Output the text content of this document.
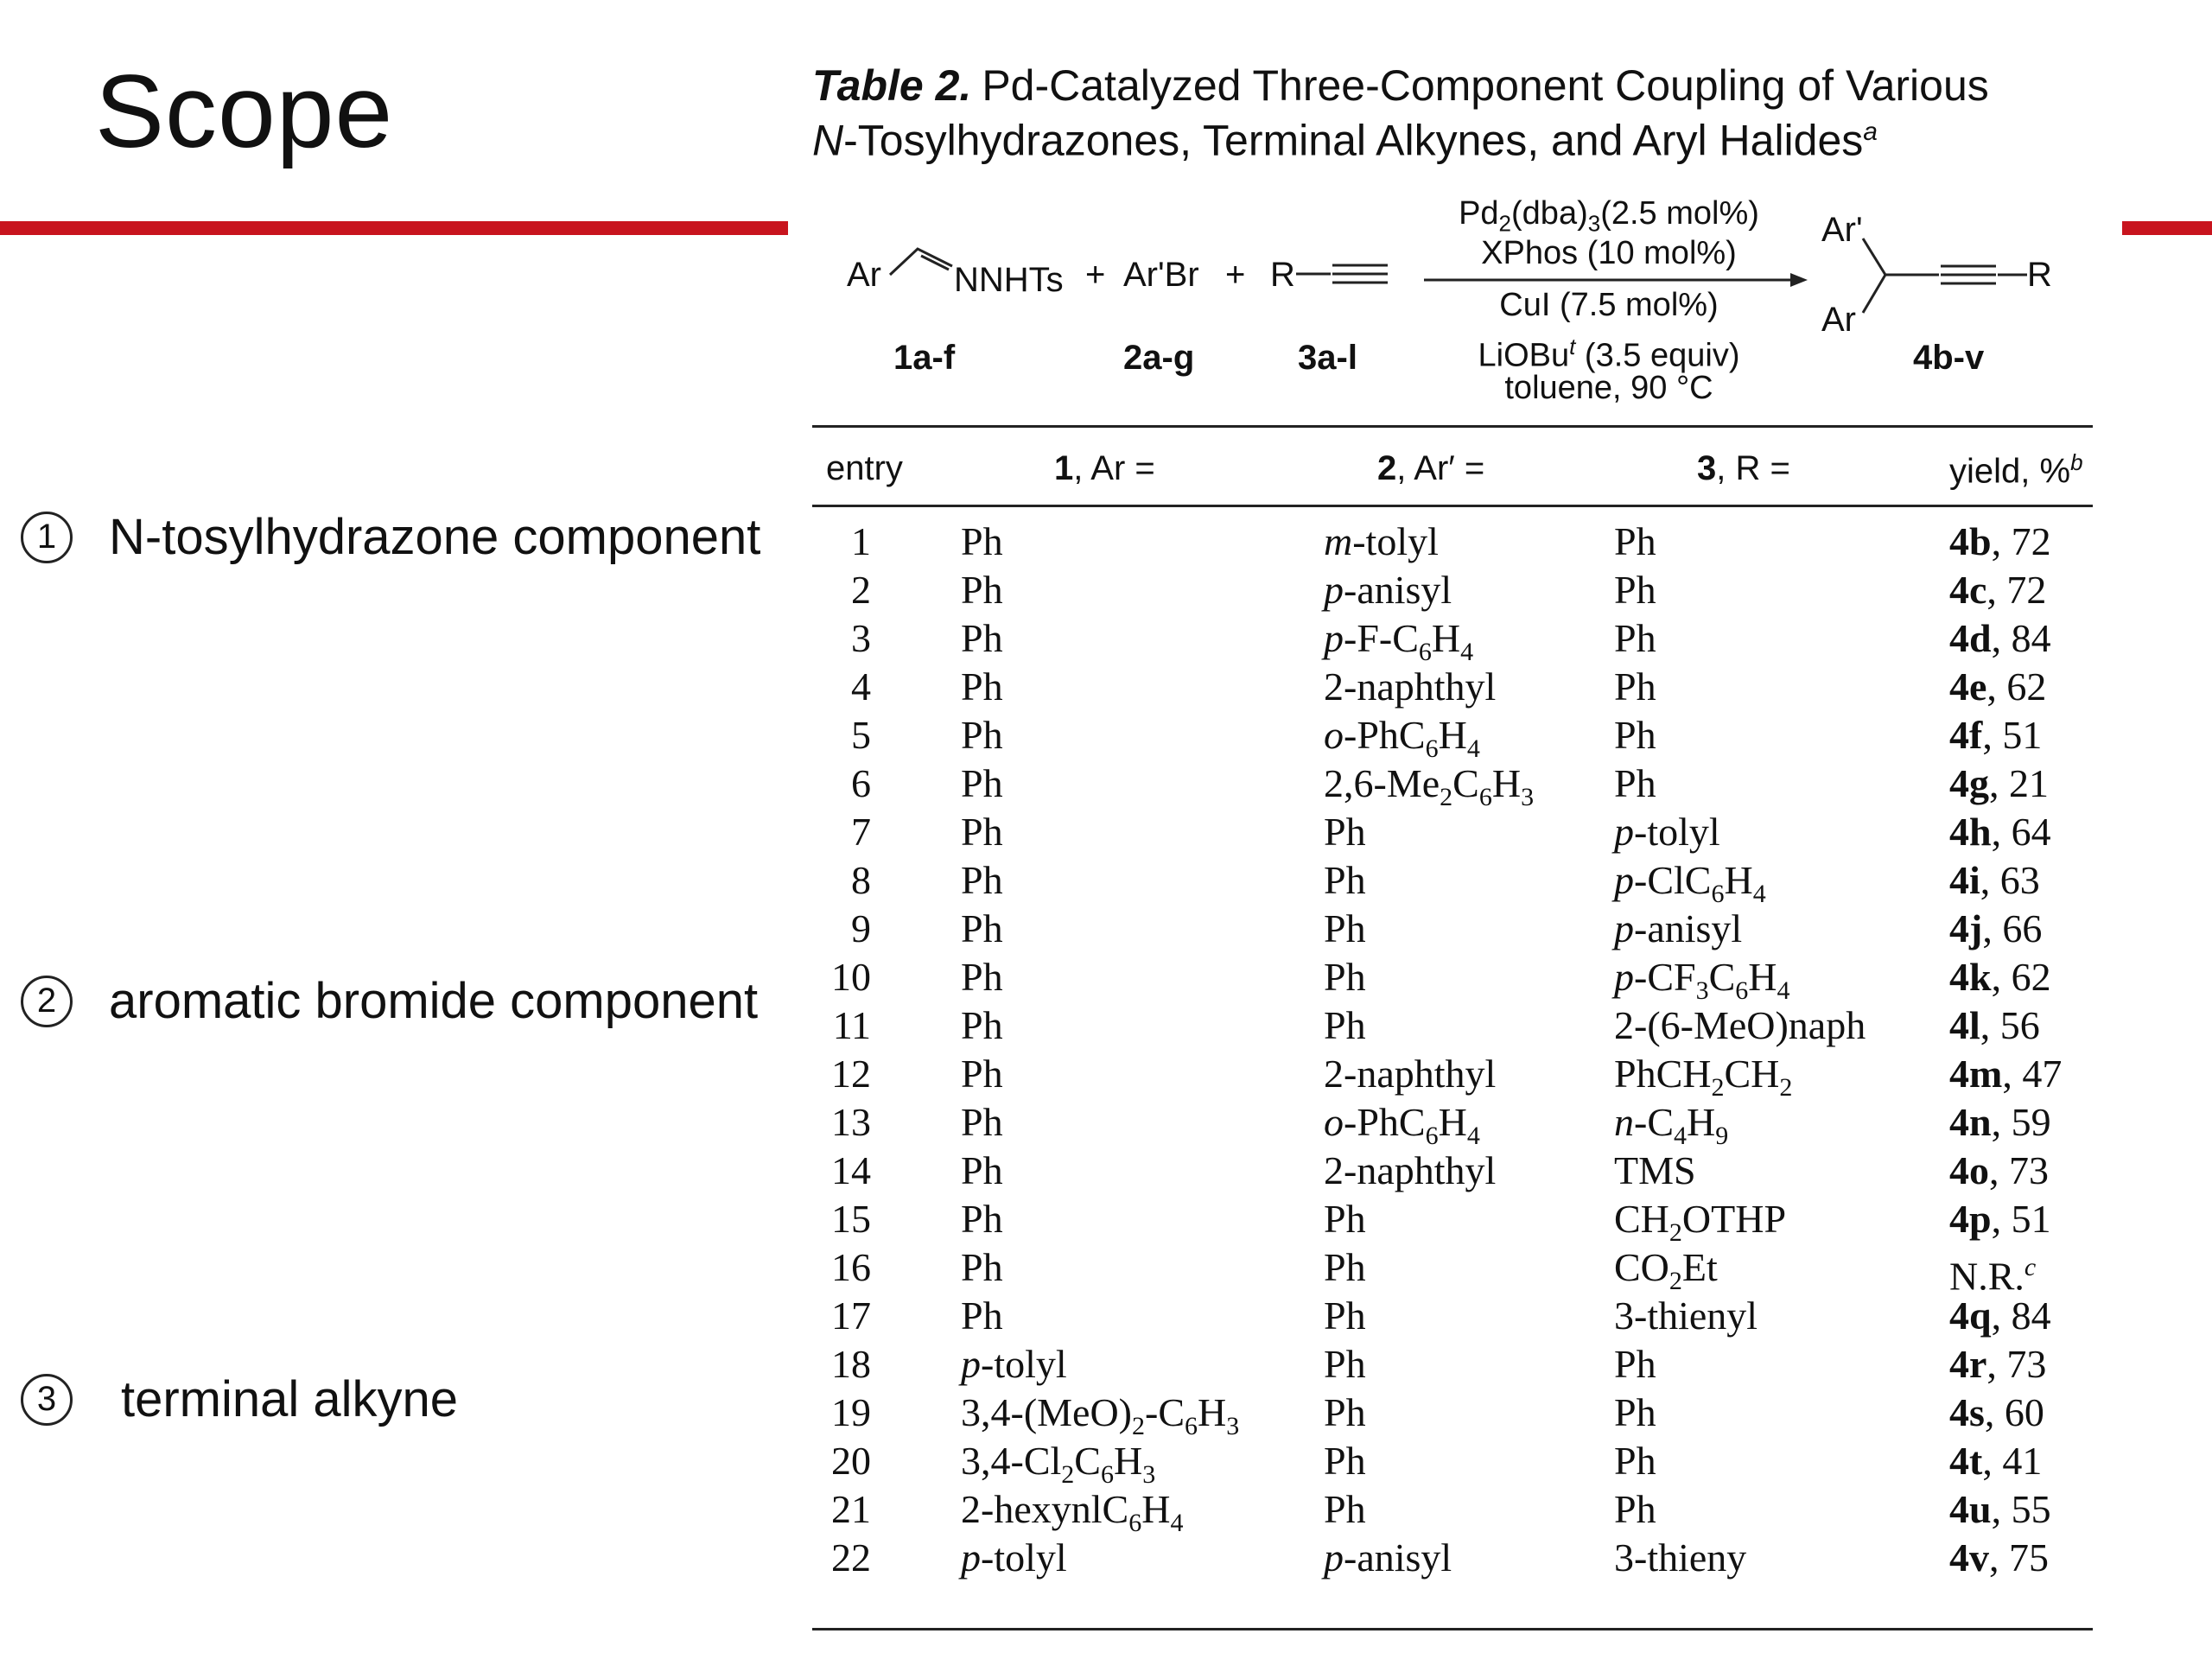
Scope
1	N-tosylhydrazone component
2	aromatic bromide component
3	terminal alkyne
Table 2. Pd-Catalyzed Three-Component Coupling of Various
N-Tosylhydrazones, Terminal Alkynes, and Aryl Halides$^a$
Ar NNHTs + Ar'Br + R
1a-f	2a-g	3a-l
$Pd_2(dba)_3(2.5$ mol%)
XPhos (10 mol%)
CuI (7.5 mol%)
LiOBu$^t$ (3.5 equiv)
toluene, 90 °C
Ar'
Ar
R
4b-v
entry	1, Ar =	2, Ar′ =	3, R =	yield, %$^b$
1 Ph	m-tolyl	Ph	4b, 72
2 Ph	p-anisyl	Ph	4c, 72
3 Ph	$p-F-C_6H_4$	Ph	4d, 84
4 Ph	2-naphthyl	Ph	4e, 62
5 Ph	$o-PhC_6H_4$	Ph	4f, 51
6 Ph	$2,6-Me_2C_6H_3$ Ph	4g, 21
7 Ph	Ph	p-tolyl	4h, 64
8 Ph	Ph	$p-ClC_6H_4$	4i, 63
9 Ph	Ph	p-anisyl	4j, 66
10 Ph	Ph	$p-CF_3C_6H_4$	4k, 62
11 Ph	Ph	2-(6-MeO)naph 4l, 56
12 Ph	2-naphthyl	$PhCH_2CH_2$	4m, 47
13 Ph	$o-PhC_6H_4$	$n-C_4H_9$	4n, 59
14 Ph	2-naphthyl	TMS	4o, 73
15 Ph	Ph	$CH_2OTHP$	4p, 51
16 Ph	Ph	$CO_2Et$	N.R.$^c$
17 Ph	Ph	3-thienyl	4q, 84
18 p-tolyl	Ph	Ph	4r, 73
19 $3,4-(MeO)_2-C_6H_3$ Ph	Ph	4s, 60
20 $3,4-Cl_2C_6H_3$	Ph	Ph	4t, 41
21 $2-hexynlC_6H_4$	Ph	Ph	4u, 55
22 p-tolyl	p-anisyl	3-thieny	4v, 75
